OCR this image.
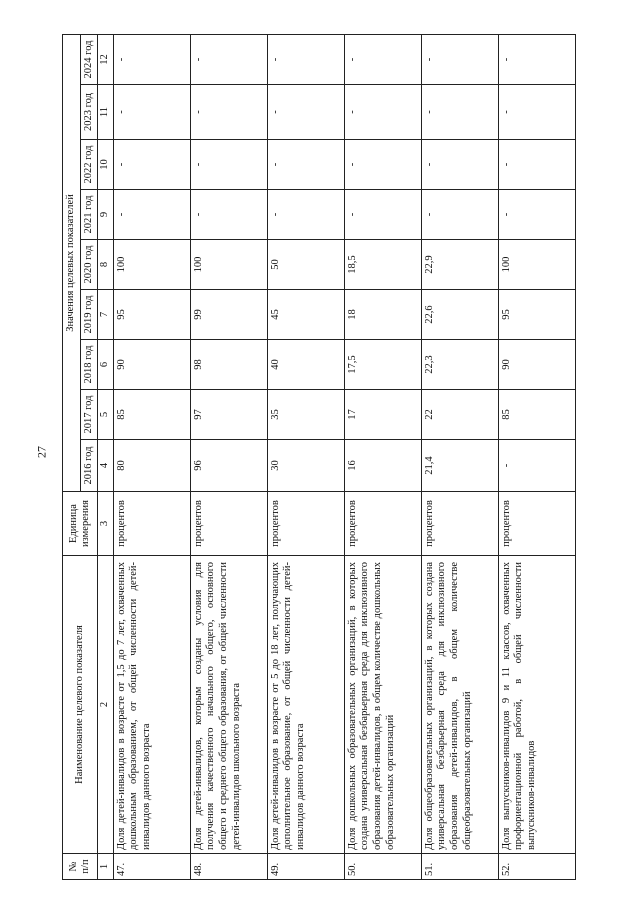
27
№ п/п	Наименование целевого показателя	Единица измерения	Значения целевых показателей								
			2016 год	2017 год	2018 год	2019 год	2020 год	2021 год	2022 год	2023 год	2024 год
1	2	3	4	5	6	7	8	9	10	11	12
47.	Доля детей-инвалидов в возрасте от 1,5 до 7 лет, охваченных дошкольным образованием, от общей численности детей-инвалидов данного возраста	процентов	80	85	90	95	100	-	-	-	-
48.	Доля детей-инвалидов, которым созданы условия для получения качественного начального общего, основного общего и среднего общего образования, от общей численности детей-инвалидов школьного возраста	процентов	96	97	98	99	100	-	-	-	-
49.	Доля детей-инвалидов в возрасте от 5 до 18 лет, получающих дополнительное образование, от общей численности детей-инвалидов данного возраста	процентов	30	35	40	45	50	-	-	-	-
50.	Доля дошкольных образовательных организаций, в которых создана универсальная безбарьерная среда для инклюзивного образования детей-инвалидов, в общем количестве дошкольных образовательных организаций	процентов	16	17	17,5	18	18,5	-	-	-	-
51.	Доля общеобразовательных организаций, в которых создана универсальная безбарьерная среда для инклюзивного образования детей-инвалидов, в общем количестве общеобразовательных организаций	процентов	21,4	22	22,3	22,6	22,9	-	-	-	-
52.	Доля выпускников-инвалидов 9 и 11 классов, охваченных профориентационной работой, в общей численности выпускников-инвалидов	процентов	-	85	90	95	100	-	-	-	-
